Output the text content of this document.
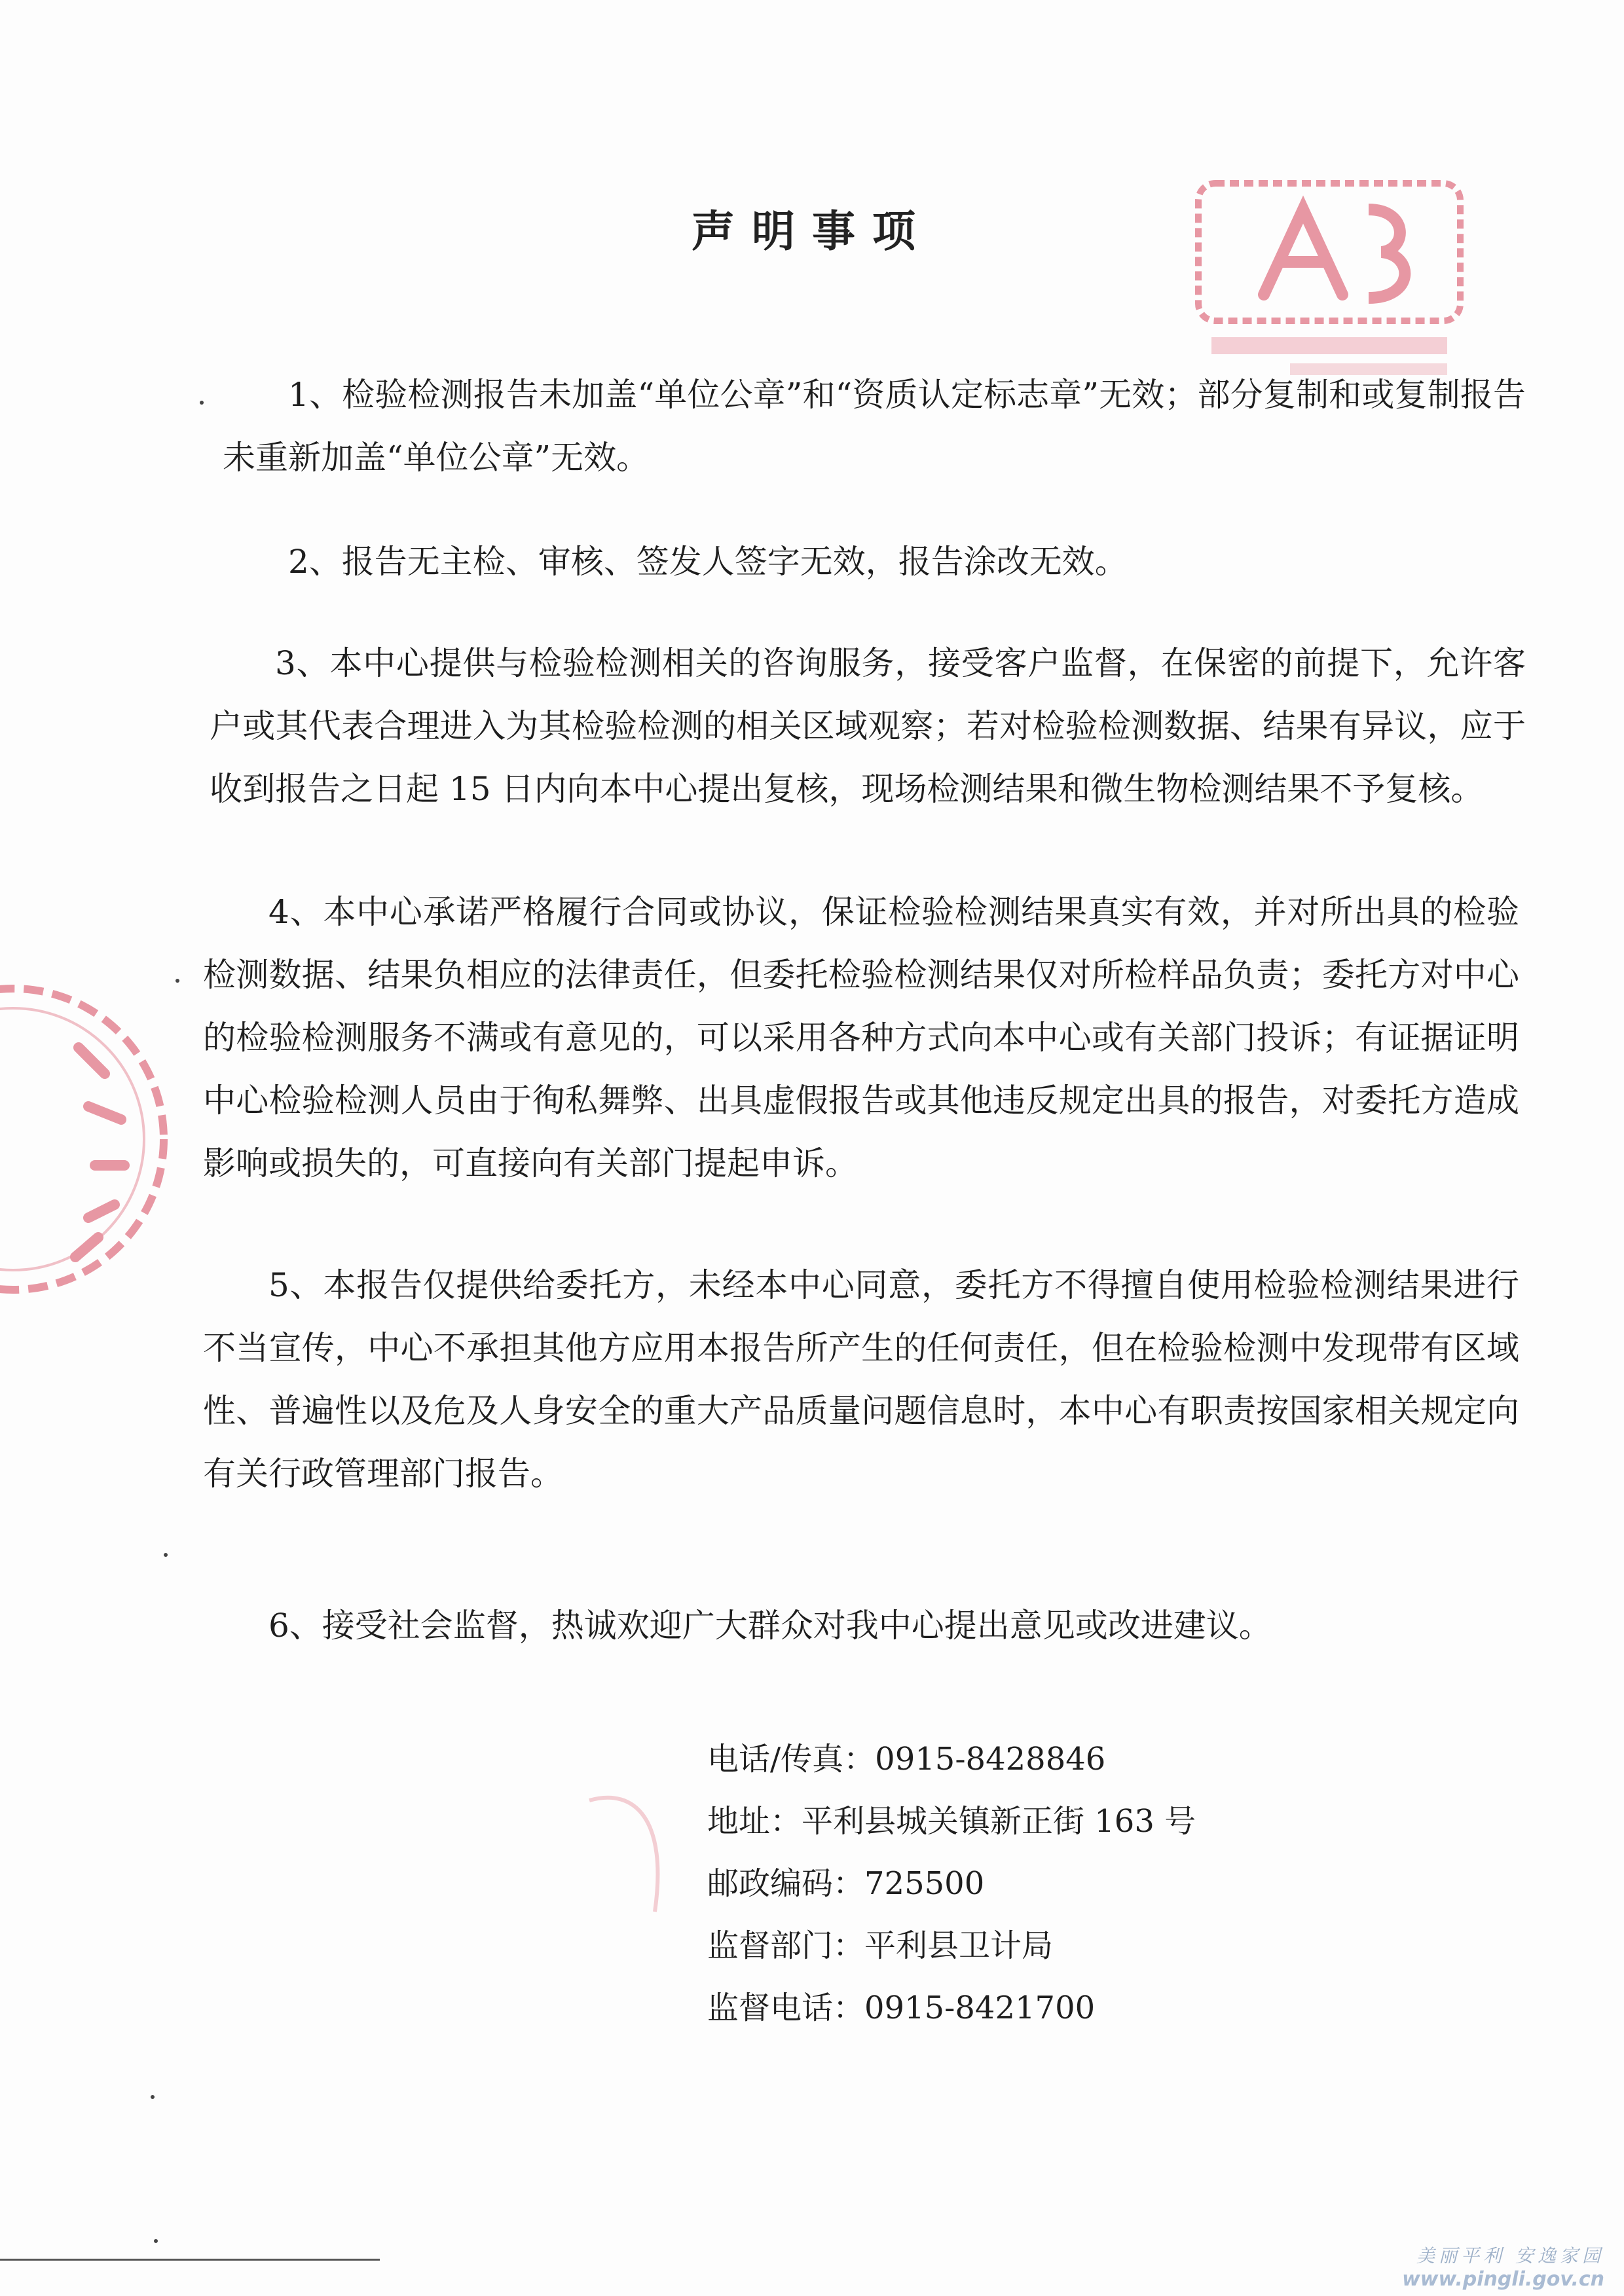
声明事项
1、检验检测报告未加盖“单位公章”和“资质认定标志章”无效；部分复制和或复制报告未重新加盖“单位公章”无效。
2、报告无主检、审核、签发人签字无效，报告涂改无效。
3、本中心提供与检验检测相关的咨询服务，接受客户监督，在保密的前提下，允许客户或其代表合理进入为其检验检测的相关区域观察；若对检验检测数据、结果有异议，应于收到报告之日起 15 日内向本中心提出复核，现场检测结果和微生物检测结果不予复核。
4、本中心承诺严格履行合同或协议，保证检验检测结果真实有效，并对所出具的检验检测数据、结果负相应的法律责任，但委托检验检测结果仅对所检样品负责；委托方对中心的检验检测服务不满或有意见的，可以采用各种方式向本中心或有关部门投诉；有证据证明中心检验检测人员由于徇私舞弊、出具虚假报告或其他违反规定出具的报告，对委托方造成影响或损失的，可直接向有关部门提起申诉。
5、本报告仅提供给委托方，未经本中心同意，委托方不得擅自使用检验检测结果进行不当宣传，中心不承担其他方应用本报告所产生的任何责任，但在检验检测中发现带有区域性、普遍性以及危及人身安全的重大产品质量问题信息时，本中心有职责按国家相关规定向有关行政管理部门报告。
6、接受社会监督，热诚欢迎广大群众对我中心提出意见或改进建议。
电话/传真：0915-8428846
地址：平利县城关镇新正街 163 号
邮政编码：725500
监督部门：平利县卫计局
监督电话：0915-8421700
美丽平利 安逸家园
www.pingli.gov.cn
